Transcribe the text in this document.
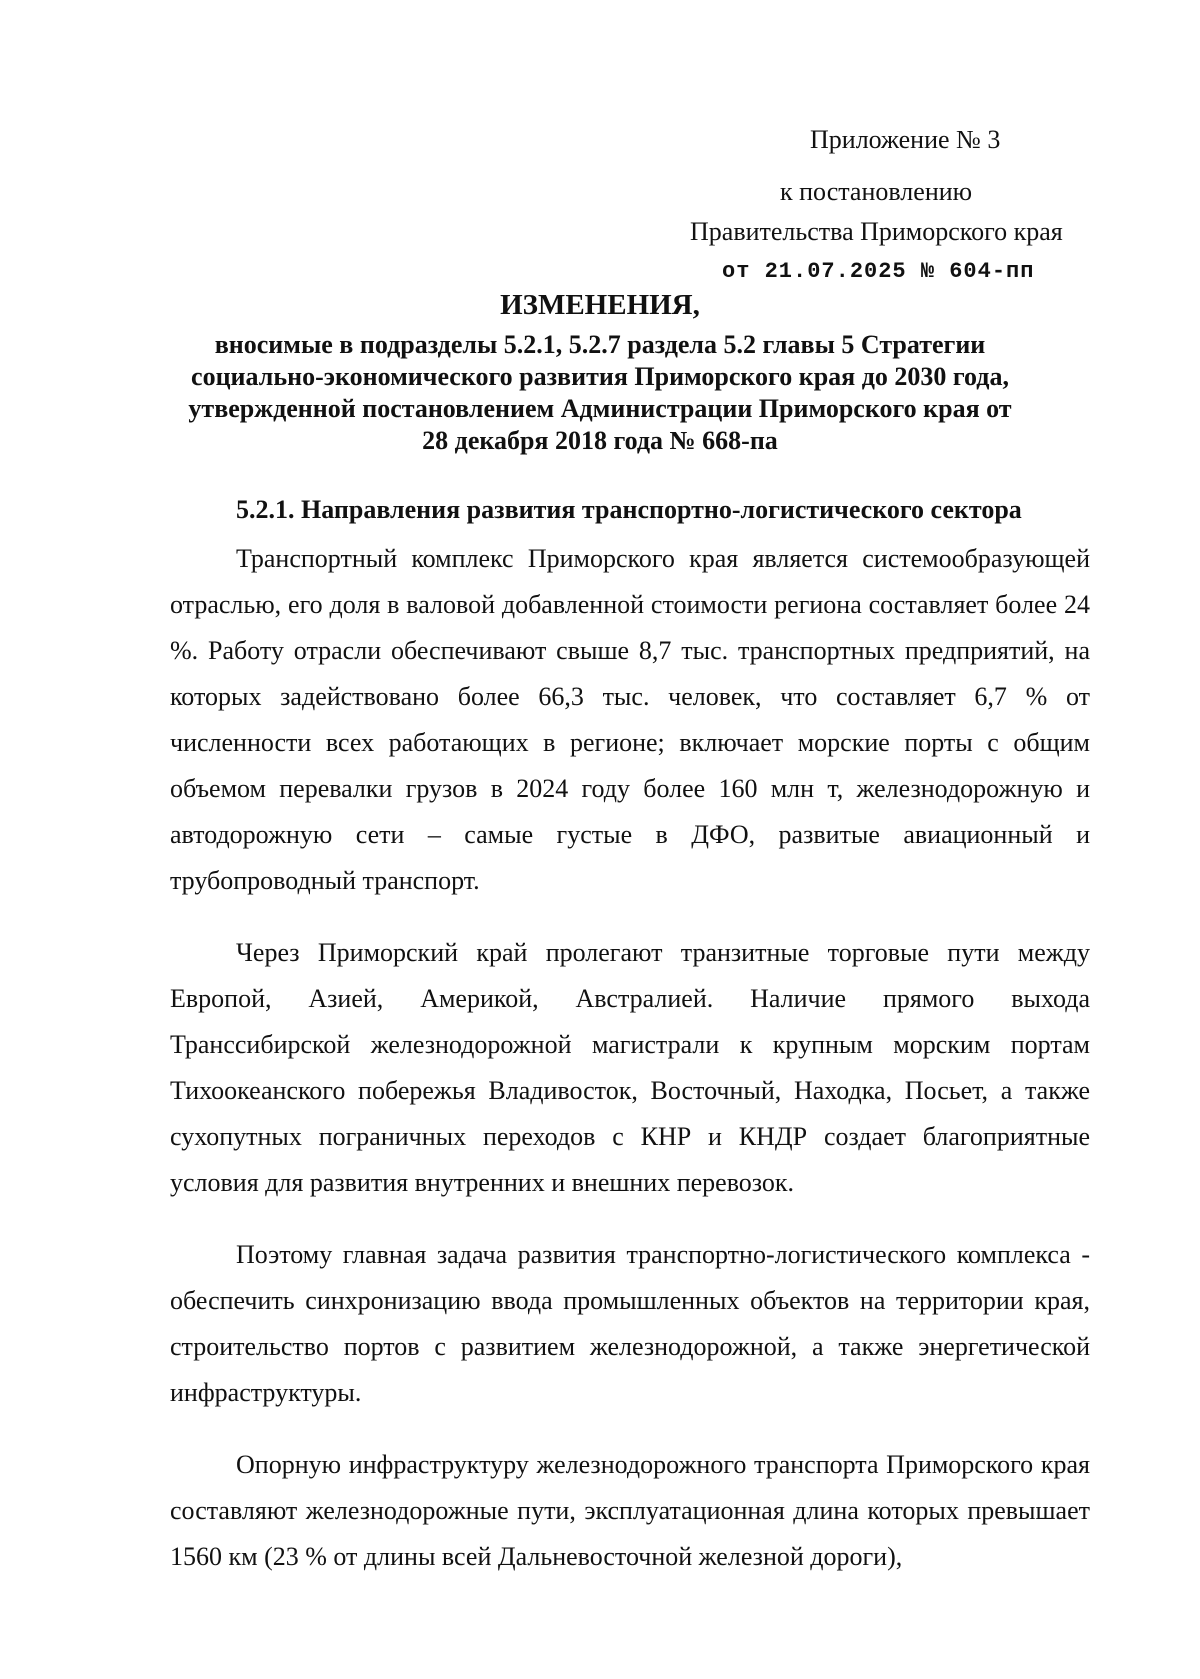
Приложение № 3
к постановлению
Правительства Приморского края
от 21.07.2025 № 604-пп
ИЗМЕНЕНИЯ,
вносимые в подразделы 5.2.1, 5.2.7 раздела 5.2 главы 5 Стратегии
социально-экономического развития Приморского края до 2030 года,
утвержденной постановлением Администрации Приморского края от
28 декабря 2018 года № 668-па
5.2.1. Направления развития транспортно-логистического сектора

Транспортный комплекс Приморского края является системообразующей отраслью, его доля в валовой добавленной стоимости региона составляет более 24 %. Работу отрасли обеспечивают свыше 8,7 тыс. транспортных предприятий, на которых задействовано более 66,3 тыс. человек, что составляет 6,7 % от численности всех работающих в регионе; включает морские порты с общим объемом перевалки грузов в 2024 году более 160 млн т, железнодорожную и автодорожную сети – самые густые в ДФО, развитые авиационный и трубопроводный транспорт.

Через Приморский край пролегают транзитные торговые пути между Европой, Азией, Америкой, Австралией. Наличие прямого выхода Транссибирской железнодорожной магистрали к крупным морским портам Тихоокеанского побережья Владивосток, Восточный, Находка, Посьет, а также сухопутных пограничных переходов с КНР и КНДР создает благоприятные условия для развития внутренних и внешних перевозок.

Поэтому главная задача развития транспортно-логистического комплекса - обеспечить синхронизацию ввода промышленных объектов на территории края, строительство портов с развитием железнодорожной, а также энергетической инфраструктуры.

Опорную инфраструктуру железнодорожного транспорта Приморского края составляют железнодорожные пути, эксплуатационная длина которых превышает 1560 км (23 % от длины всей Дальневосточной железной дороги),
